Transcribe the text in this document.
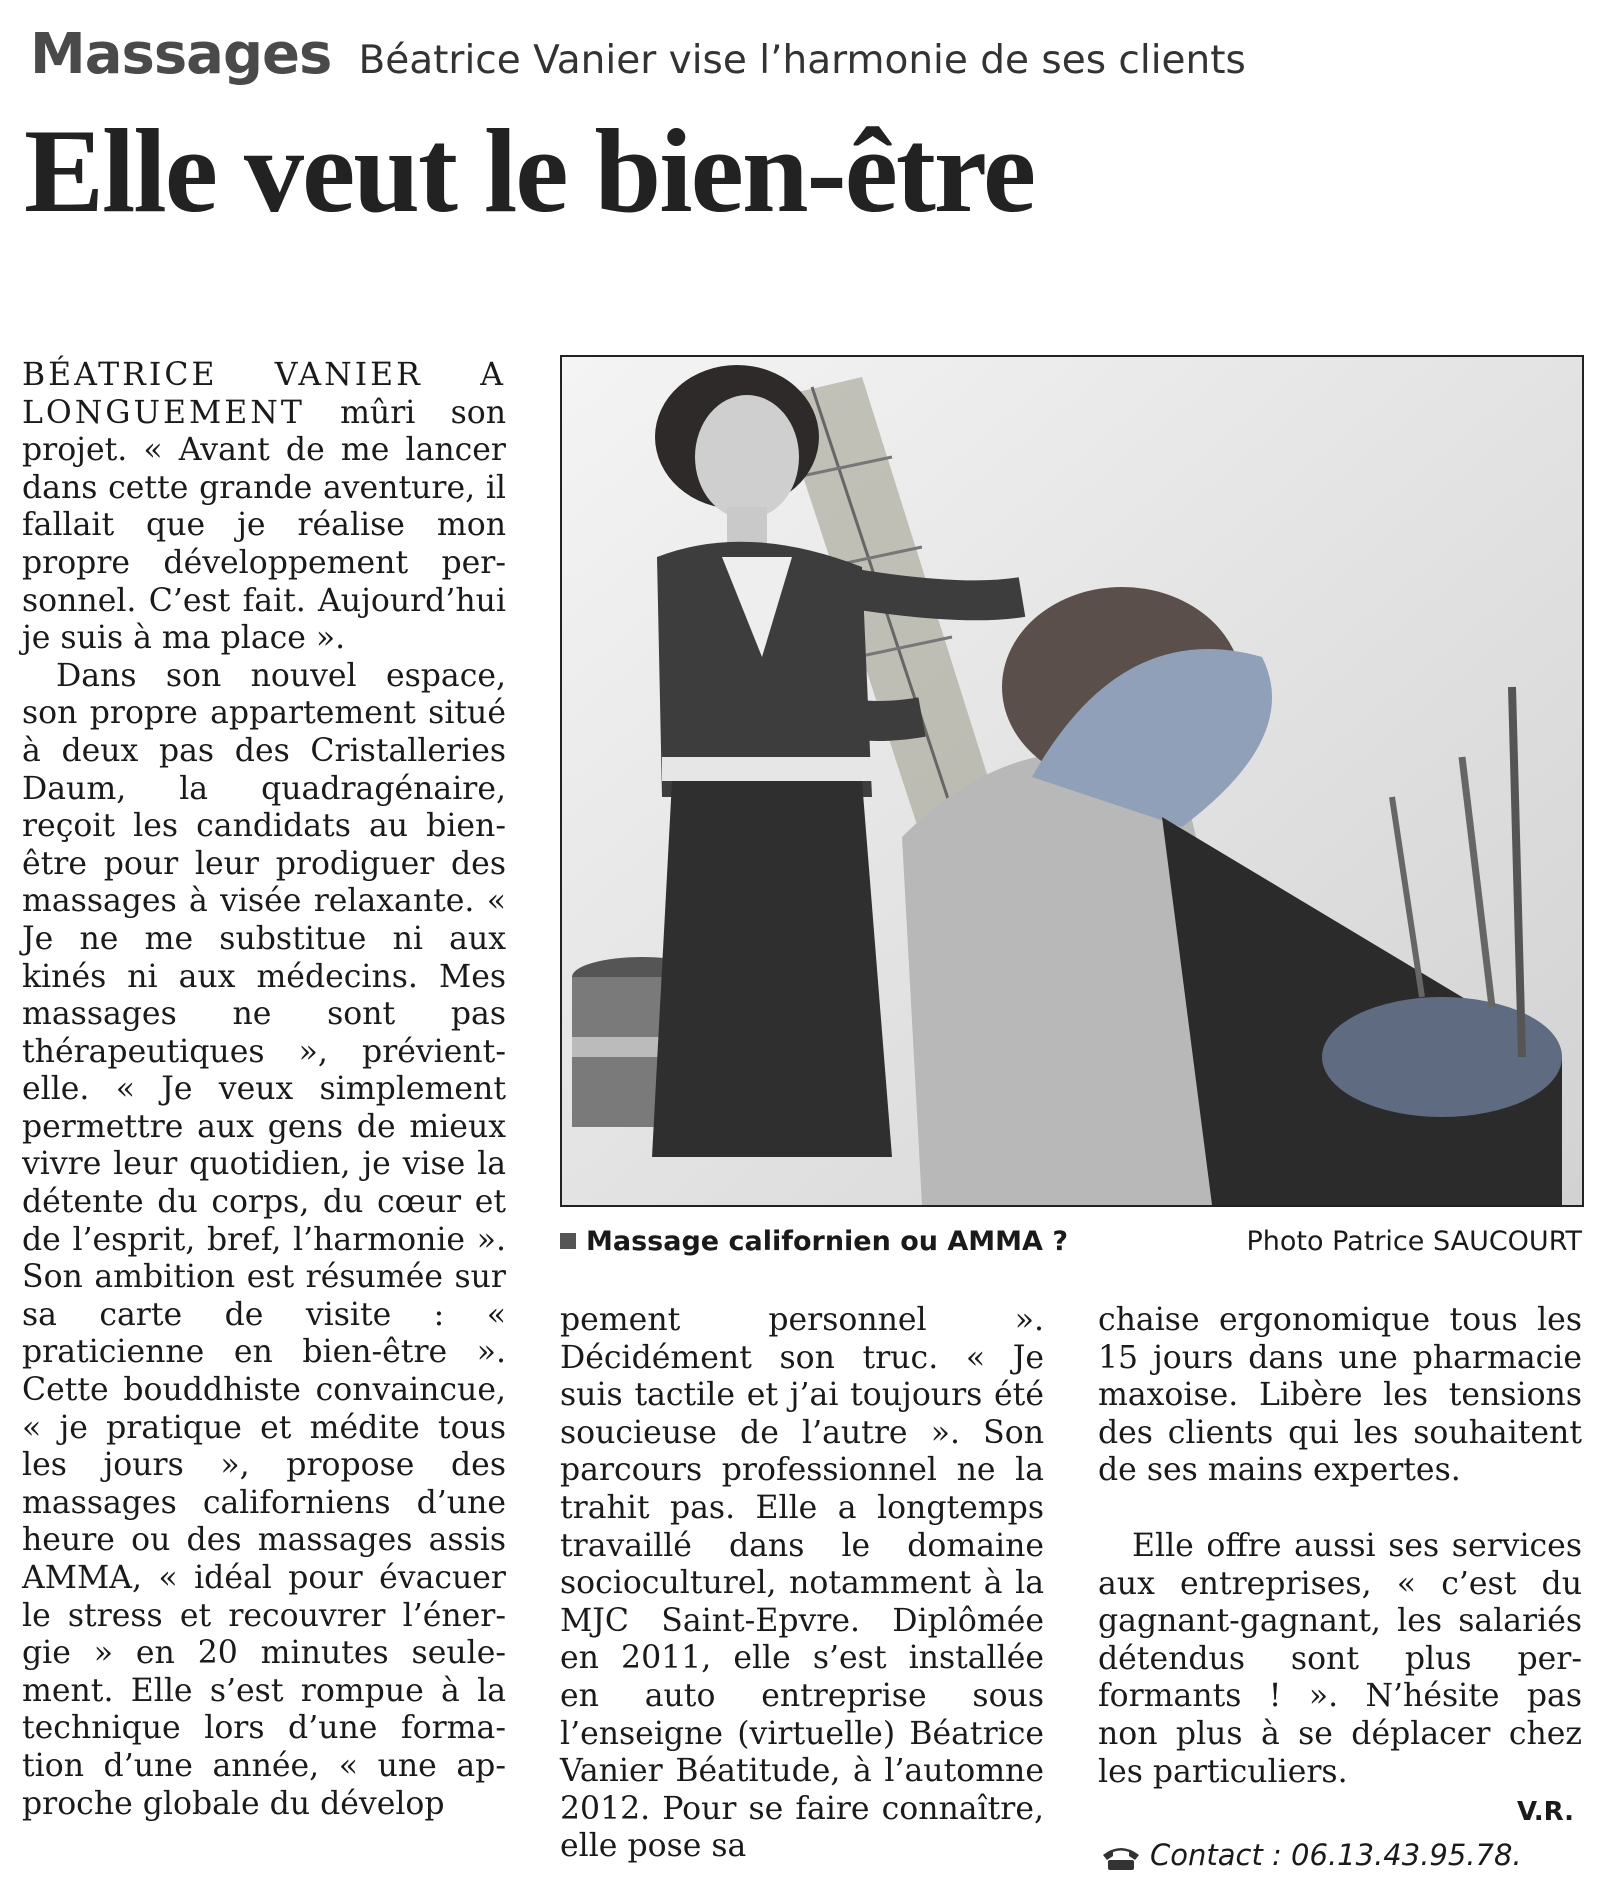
Massages Béatrice Vanier vise l’harmonie de ses clients
Elle veut le bien-être

BÉATRICE VANIER A LONGUEMENT mûri son projet. « Avant de me lancer dans cette grande aventure, il fallait que je réalise mon propre développement personnel. C’est fait. Aujourd’hui je suis à ma place ».

Dans son nouvel espace, son propre appartement situé à deux pas des Cristalleries Daum, la quadragénaire, reçoit les candidats au bien-être pour leur prodiguer des massages à visée relaxante. « Je ne me substitue ni aux kinés ni aux médecins. Mes massages ne sont pas thérapeutiques », prévient-elle. « Je veux simplement permettre aux gens de mieux vivre leur quotidien, je vise la détente du corps, du cœur et de l’esprit, bref, l’harmonie ». Son ambition est résumée sur sa carte de visite : « praticienne en bien-être ». Cette bouddhiste convaincue, « je pratique et médite tous les jours », propose des massages californiens d’une heure ou des massages assis AMMA, « idéal pour évacuer le stress et recouvrer l’énergie » en 20 minutes seulement. Elle s’est rompue à la technique lors d’une formation d’une année, « une approche globale du dévelop

Massage californien ou AMMA ?	Photo Patrice SAUCOURT

pement personnel ». Décidément son truc. « Je suis tactile et j’ai toujours été soucieuse de l’autre ». Son parcours professionnel ne la trahit pas. Elle a longtemps travaillé dans le domaine socioculturel, notamment à la MJC Saint-Epvre. Diplômée en 2011, elle s’est installée en auto entreprise sous l’enseigne (virtuelle) Béatrice Vanier Béatitude, à l’automne 2012. Pour se faire connaître, elle pose sa

chaise ergonomique tous les 15 jours dans une pharmacie maxoise. Libère les tensions des clients qui les souhaitent de ses mains expertes.

Elle offre aussi ses services aux entreprises, « c’est du gagnant-gagnant, les salariés détendus sont plus performants ! ». N’hésite pas non plus à se déplacer chez les particuliers.

V.R.
Contact : 06.13.43.95.78.
